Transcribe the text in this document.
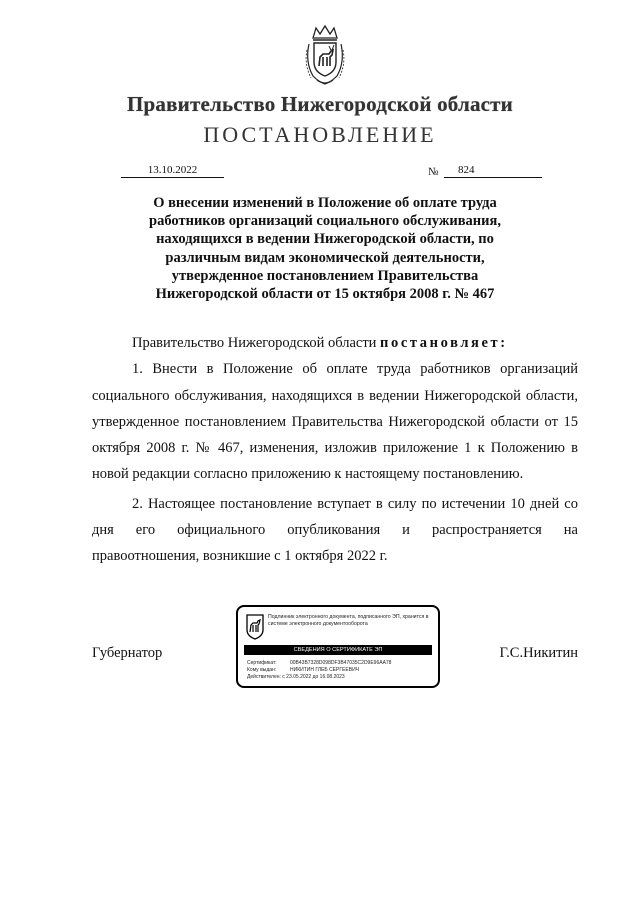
Правительство Нижегородской области
ПОСТАНОВЛЕНИЕ
13.10.2022	№	824
О внесении изменений в Положение об оплате труда работников организаций социального обслуживания, находящихся в ведении Нижегородской области, по различным видам экономической деятельности, утвержденное постановлением Правительства Нижегородской области от 15 октября 2008 г. № 467

Правительство Нижегородской области постановляет:

1. Внести в Положение об оплате труда работников организаций социального обслуживания, находящихся в ведении Нижегородской области, утвержденное постановлением Правительства Нижегородской области от 15 октября 2008 г. № 467, изменения, изложив приложение 1 к Положению в новой редакции согласно приложению к настоящему постановлению.

2. Настоящее постановление вступает в силу по истечении 10 дней со дня его официального опубликования и распространяется на правоотношения, возникшие с 1 октября 2022 г.

Губернатор	Г.С.Никитин
Подлинник электронного документа, подписанного ЭП, хранится в системе электронного документооборота
СВЕДЕНИЯ О СЕРТИФИКАТЕ ЭП
Сертификат:	00B43B7328D098DF3B47035C2D9E96AA78
Кому выдан:	НИКИТИН ГЛЕБ СЕРГЕЕВИЧ
Действителен: с 23.05.2022 до 16.08.2023
